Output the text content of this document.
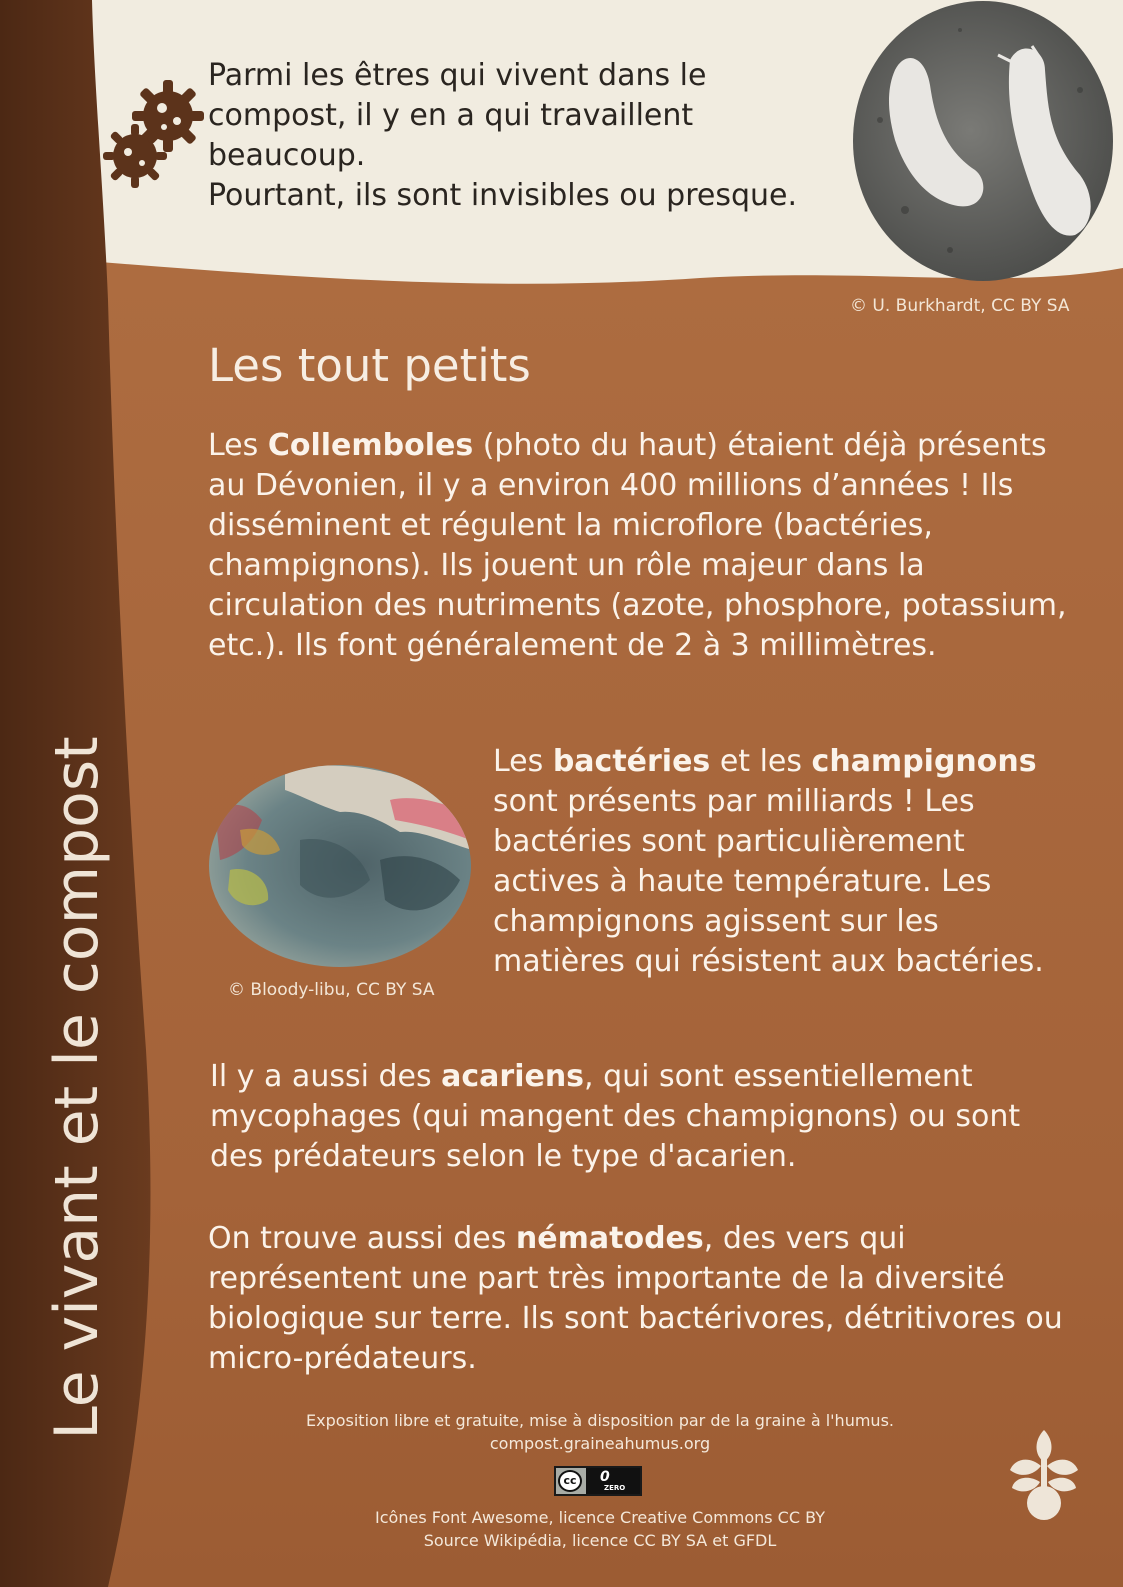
Parmi les êtres qui vivent dans le
compost, il y en a qui travaillent
beaucoup.
Pourtant, ils sont invisibles ou presque.

© U. Burkhardt, CC BY SA
Les tout petits

Les Collemboles (photo du haut) étaient déjà présents au Dévonien, il y a environ 400 millions d’années ! Ils disséminent et régulent la microflore (bactéries, champignons). Ils jouent un rôle majeur dans la circulation des nutriments (azote, phosphore, potassium, etc.). Ils font généralement de 2 à 3 millimètres.

© Bloody-libu, CC BY SA

Les bactéries et les champignons sont présents par milliards ! Les bactéries sont particulièrement actives à haute température. Les champignons agissent sur les matières qui résistent aux bactéries.

Il y a aussi des acariens, qui sont essentiellement mycophages (qui mangent des champignons) ou sont des prédateurs selon le type d'acarien.

On trouve aussi des nématodes, des vers qui représentent une part très importante de la diversité biologique sur terre. Ils sont bactérivores, détritivores ou micro-prédateurs.

Le vivant et le compost	Exposition libre et gratuite, mise à disposition par de la graine à l'humus.
compost.graineahumus.org
cc	0
ZERO
Icônes Font Awesome, licence Creative Commons CC BY
Source Wikipédia, licence CC BY SA et GFDL
